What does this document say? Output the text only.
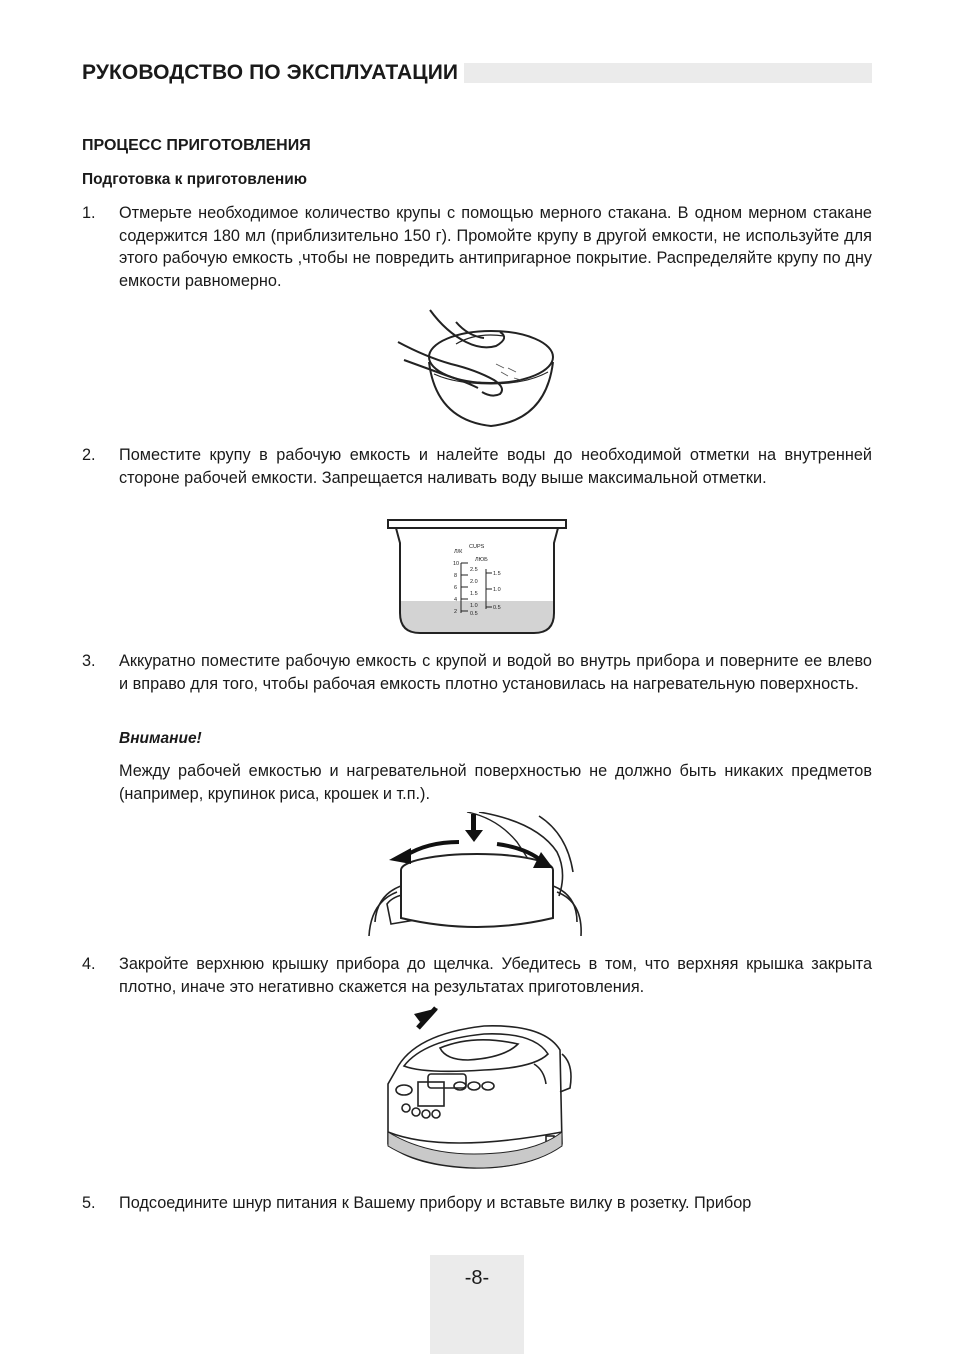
РУКОВОДСТВО ПО ЭКСПЛУАТАЦИИ
ПРОЦЕСС ПРИГОТОВЛЕНИЯ
Подготовка к приготовлению
1. Отмерьте необходимое количество крупы с помощью мерного стакана. В одном мерном стакане содержится 180 мл (приблизительно 150 г). Промойте крупу в другой емкости, не используйте для этого рабочую емкость ,чтобы не повредить антипригарное покрытие. Распределяйте крупу по дну емкости равномерно.
2. Поместите крупу в рабочую емкость и налейте воды до необходимой отметки на внутренней стороне рабочей емкости. Запрещается наливать воду выше максимальной отметки.
Л/К
CUPS
ЛЮБ
10
8
6
4
2
2.5
2.0
1.5
1.0
0.5
1.5
1.0
0.5
3. Аккуратно поместите рабочую емкость с крупой и водой во внутрь прибора и поверните ее влево и вправо для того, чтобы рабочая емкость плотно установилась на нагревательную поверхность.
Внимание!
Между рабочей емкостью и нагревательной поверхностью не должно быть никаких предметов (например, крупинок риса, крошек и т.п.).
4. Закройте верхнюю крышку прибора до щелчка. Убедитесь в том, что верхняя крышка закрыта плотно, иначе это негативно скажется на результатах приготовления.
5. Подсоедините шнур питания к Вашему прибору и вставьте вилку в розетку. Прибор
-8-
